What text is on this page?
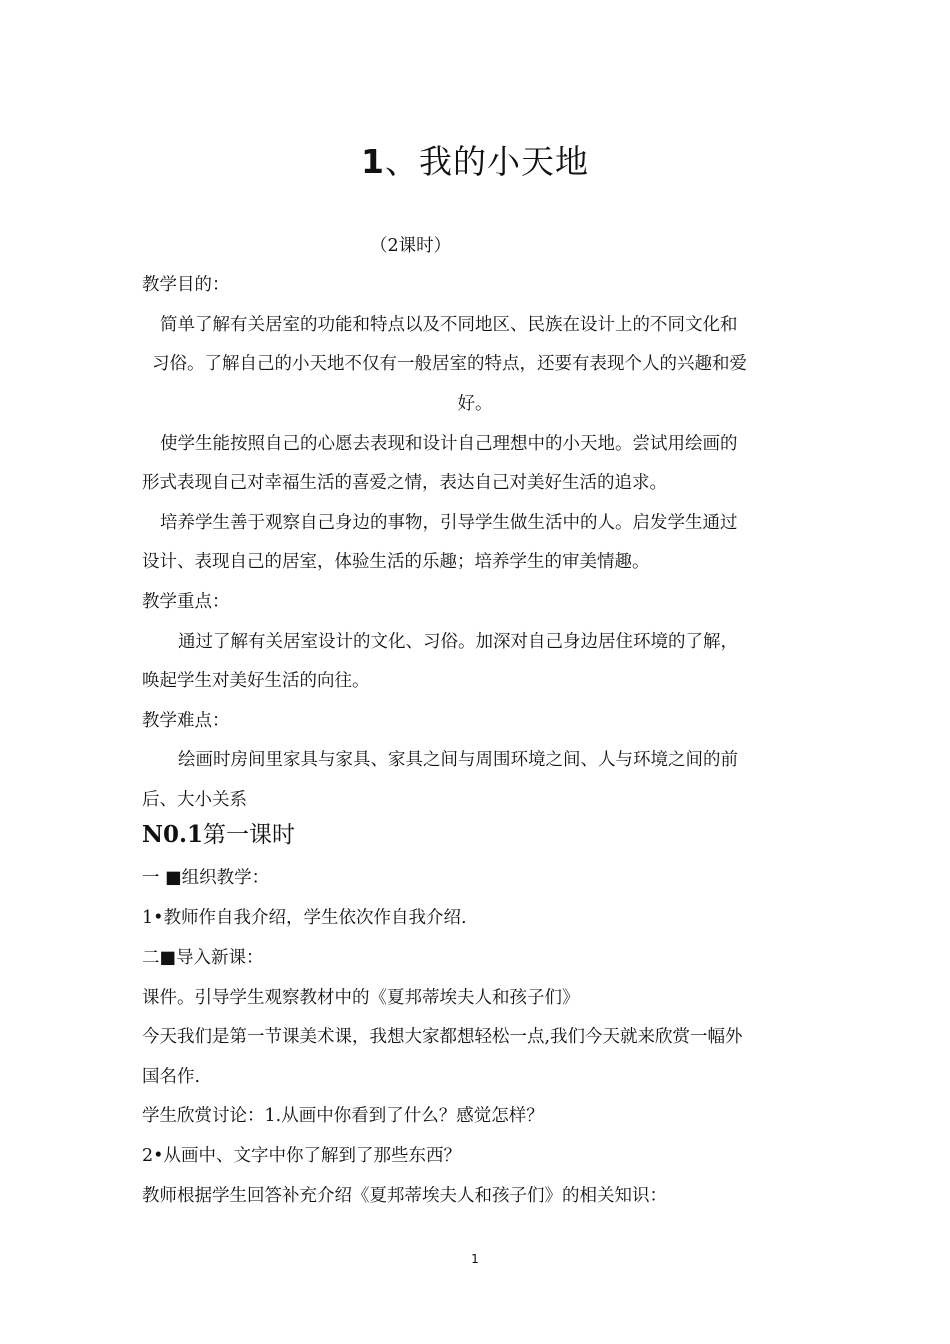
1、我的小天地
（2课时）
教学目的：
简单了解有关居室的功能和特点以及不同地区、民族在设计上的不同文化和
习俗。了解自己的小天地不仅有一般居室的特点，还要有表现个人的兴趣和爱
好。
使学生能按照自己的心愿去表现和设计自己理想中的小天地。尝试用绘画的
形式表现自己对幸福生活的喜爱之情，表达自己对美好生活的追求。
培养学生善于观察自己身边的事物，引导学生做生活中的人。启发学生通过
设计、表现自己的居室，体验生活的乐趣；培养学生的审美情趣。
教学重点：
通过了解有关居室设计的文化、习俗。加深对自己身边居住环境的了解，
唤起学生对美好生活的向往。
教学难点：
绘画时房间里家具与家具、家具之间与周围环境之间、人与环境之间的前
后、大小关系
N0.1第一课时
一 ■组织教学：
1•教师作自我介绍，学生依次作自我介绍.
二■导入新课：
课件。引导学生观察教材中的《夏邦蒂埃夫人和孩子们》
今天我们是第一节课美术课，我想大家都想轻松一点,我们今天就来欣赏一幅外
国名作.
学生欣赏讨论：1.从画中你看到了什么？感觉怎样？
2•从画中、文字中你了解到了那些东西？
教师根据学生回答补充介绍《夏邦蒂埃夫人和孩子们》的相关知识：
1
